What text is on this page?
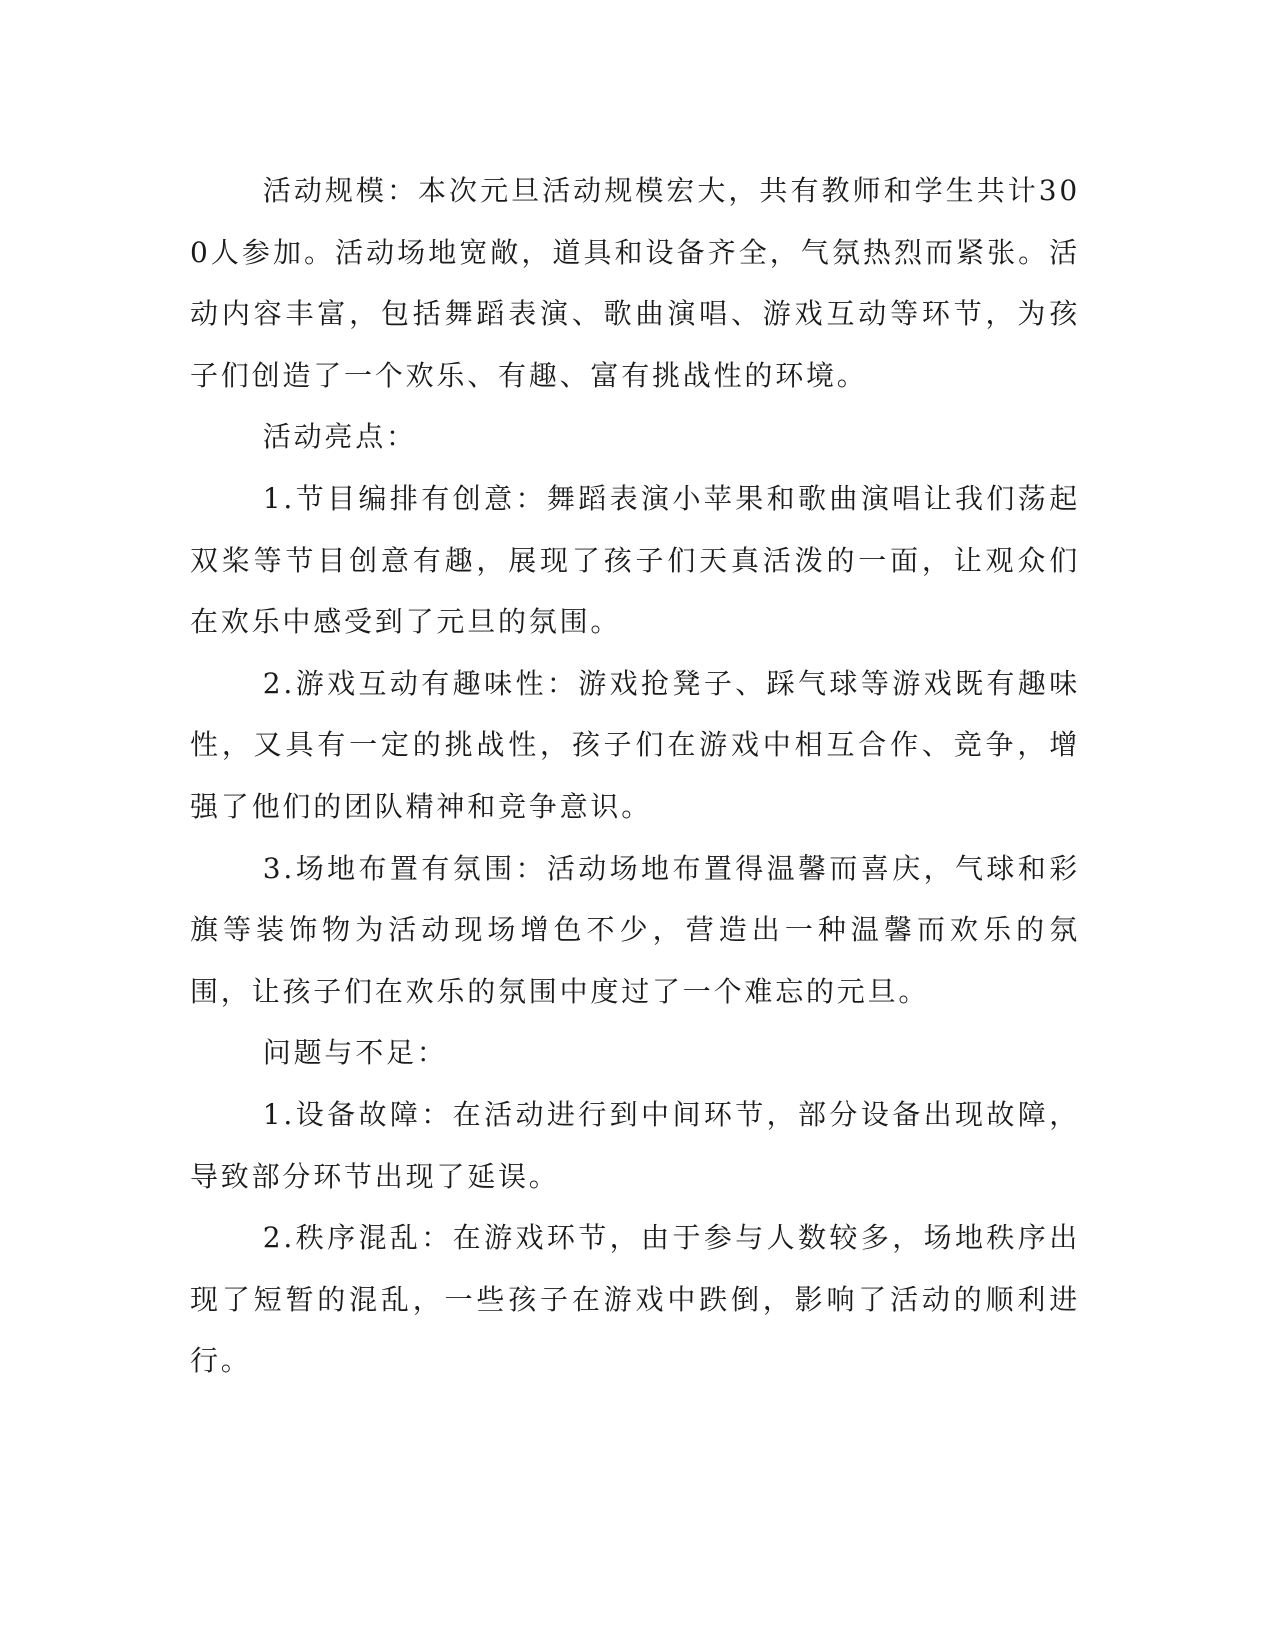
活动规模：本次元旦活动规模宏大，共有教师和学生共计300人参加。活动场地宽敞，道具和设备齐全，气氛热烈而紧张。活动内容丰富，包括舞蹈表演、歌曲演唱、游戏互动等环节，为孩子们创造了一个欢乐、有趣、富有挑战性的环境。

活动亮点：

1.节目编排有创意：舞蹈表演小苹果和歌曲演唱让我们荡起双桨等节目创意有趣，展现了孩子们天真活泼的一面，让观众们在欢乐中感受到了元旦的氛围。

2.游戏互动有趣味性：游戏抢凳子、踩气球等游戏既有趣味性，又具有一定的挑战性，孩子们在游戏中相互合作、竞争，增强了他们的团队精神和竞争意识。

3.场地布置有氛围：活动场地布置得温馨而喜庆，气球和彩旗等装饰物为活动现场增色不少，营造出一种温馨而欢乐的氛围，让孩子们在欢乐的氛围中度过了一个难忘的元旦。

问题与不足：

1.设备故障：在活动进行到中间环节，部分设备出现故障，导致部分环节出现了延误。

2.秩序混乱：在游戏环节，由于参与人数较多，场地秩序出现了短暂的混乱，一些孩子在游戏中跌倒，影响了活动的顺利进行。
